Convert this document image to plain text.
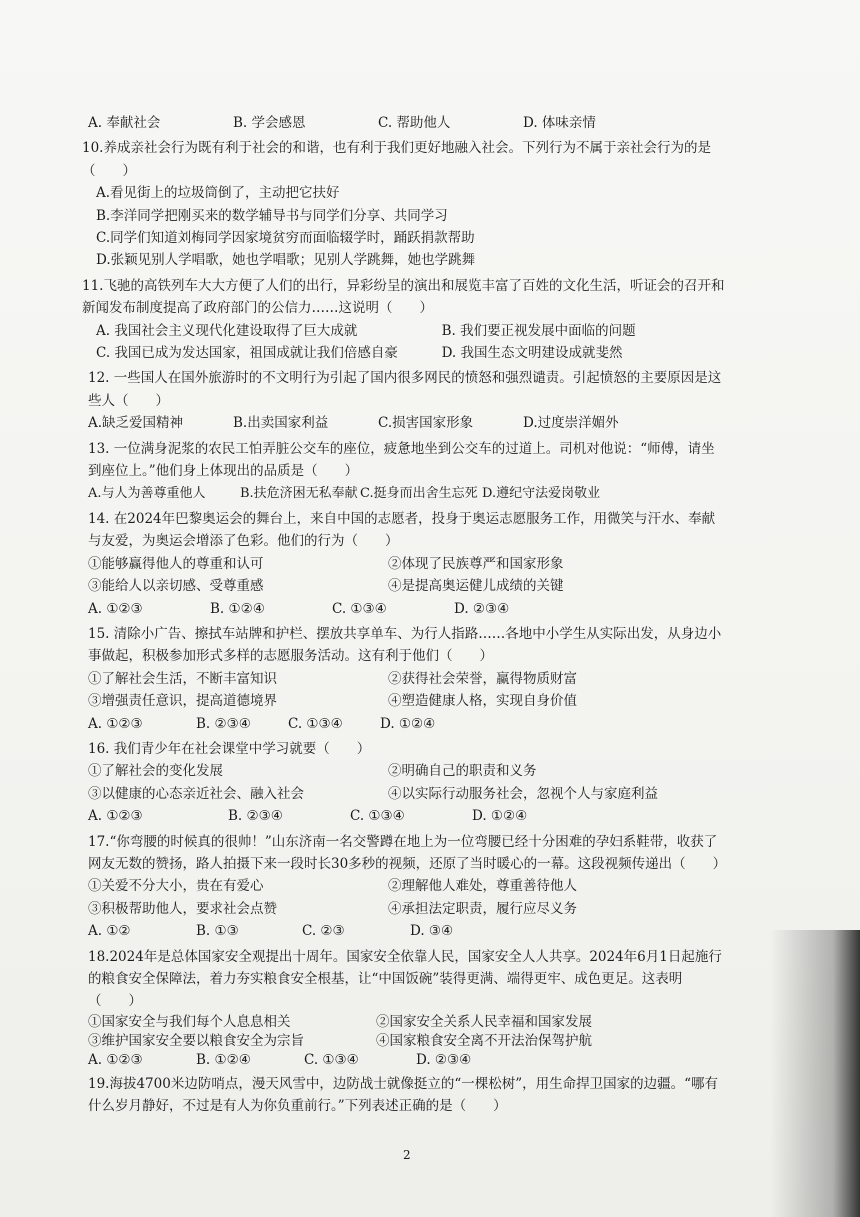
A. 奉献社会	B. 学会感恩	C. 帮助他人	D. 体味亲情
10.养成亲社会行为既有利于社会的和谐，也有利于我们更好地融入社会。下列行为不属于亲社会行为的是（　　）
A.看见街上的垃圾筒倒了，主动把它扶好
B.李洋同学把刚买来的数学辅导书与同学们分享、共同学习
C.同学们知道刘梅同学因家境贫穷而面临辍学时，踊跃捐款帮助
D.张颖见别人学唱歌，她也学唱歌；见别人学跳舞，她也学跳舞
11.飞驰的高铁列车大大方便了人们的出行，异彩纷呈的演出和展览丰富了百姓的文化生活，听证会的召开和新闻发布制度提高了政府部门的公信力……这说明（　　）
A. 我国社会主义现代化建设取得了巨大成就	B. 我们要正视发展中面临的问题
C. 我国已成为发达国家，祖国成就让我们倍感自豪	D. 我国生态文明建设成就斐然
12. 一些国人在国外旅游时的不文明行为引起了国内很多网民的愤怒和强烈谴责。引起愤怒的主要原因是这些人（　　）
A.缺乏爱国精神	B.出卖国家利益	C.损害国家形象	D.过度崇洋媚外
13. 一位满身泥浆的农民工怕弄脏公交车的座位，疲惫地坐到公交车的过道上。司机对他说：“师傅，请坐到座位上。”他们身上体现出的品质是（　　）
A.与人为善尊重他人	B.扶危济困无私奉献 C.挺身而出舍生忘死 D.遵纪守法爱岗敬业
14. 在2024年巴黎奥运会的舞台上，来自中国的志愿者，投身于奥运志愿服务工作，用微笑与汗水、奉献与友爱，为奥运会增添了色彩。他们的行为（　　）
①能够赢得他人的尊重和认可	②体现了民族尊严和国家形象
③能给人以亲切感、受尊重感	④是提高奥运健儿成绩的关键
A. ①②③	B. ①②④	C. ①③④	D. ②③④
15. 清除小广告、擦拭车站牌和护栏、摆放共享单车、为行人指路……各地中小学生从实际出发，从身边小事做起，积极参加形式多样的志愿服务活动。这有利于他们（　　）
①了解社会生活，不断丰富知识	②获得社会荣誉，赢得物质财富
③增强责任意识，提高道德境界	④塑造健康人格，实现自身价值
A. ①②③	B. ②③④	C. ①③④	D. ①②④
16. 我们青少年在社会课堂中学习就要（　　）
①了解社会的变化发展	②明确自己的职责和义务
③以健康的心态亲近社会、融入社会	④以实际行动服务社会，忽视个人与家庭利益
A. ①②③	B. ②③④	C. ①③④	D. ①②④
17.“你弯腰的时候真的很帅！”山东济南一名交警蹲在地上为一位弯腰已经十分困难的孕妇系鞋带，收获了网友无数的赞扬，路人拍摄下来一段时长30多秒的视频，还原了当时暖心的一幕。这段视频传递出（　　）
①关爱不分大小，贵在有爱心	②理解他人难处，尊重善待他人
③积极帮助他人，要求社会点赞	④承担法定职责，履行应尽义务
A. ①②	B. ①③	C. ②③	D. ③④
18.2024年是总体国家安全观提出十周年。国家安全依靠人民，国家安全人人共享。2024年6月1日起施行的粮食安全保障法，着力夯实粮食安全根基，让“中国饭碗”装得更满、端得更牢、成色更足。这表明（　　）
①国家安全与我们每个人息息相关	②国家安全关系人民幸福和国家发展
③维护国家安全要以粮食安全为宗旨	④国家粮食安全离不开法治保驾护航
A. ①②③	B. ①②④	C. ①③④	D. ②③④
19.海拔4700米边防哨点，漫天风雪中，边防战士就像挺立的“一棵松树”，用生命捍卫国家的边疆。“哪有什么岁月静好，不过是有人为你负重前行。”下列表述正确的是（　　）
2
